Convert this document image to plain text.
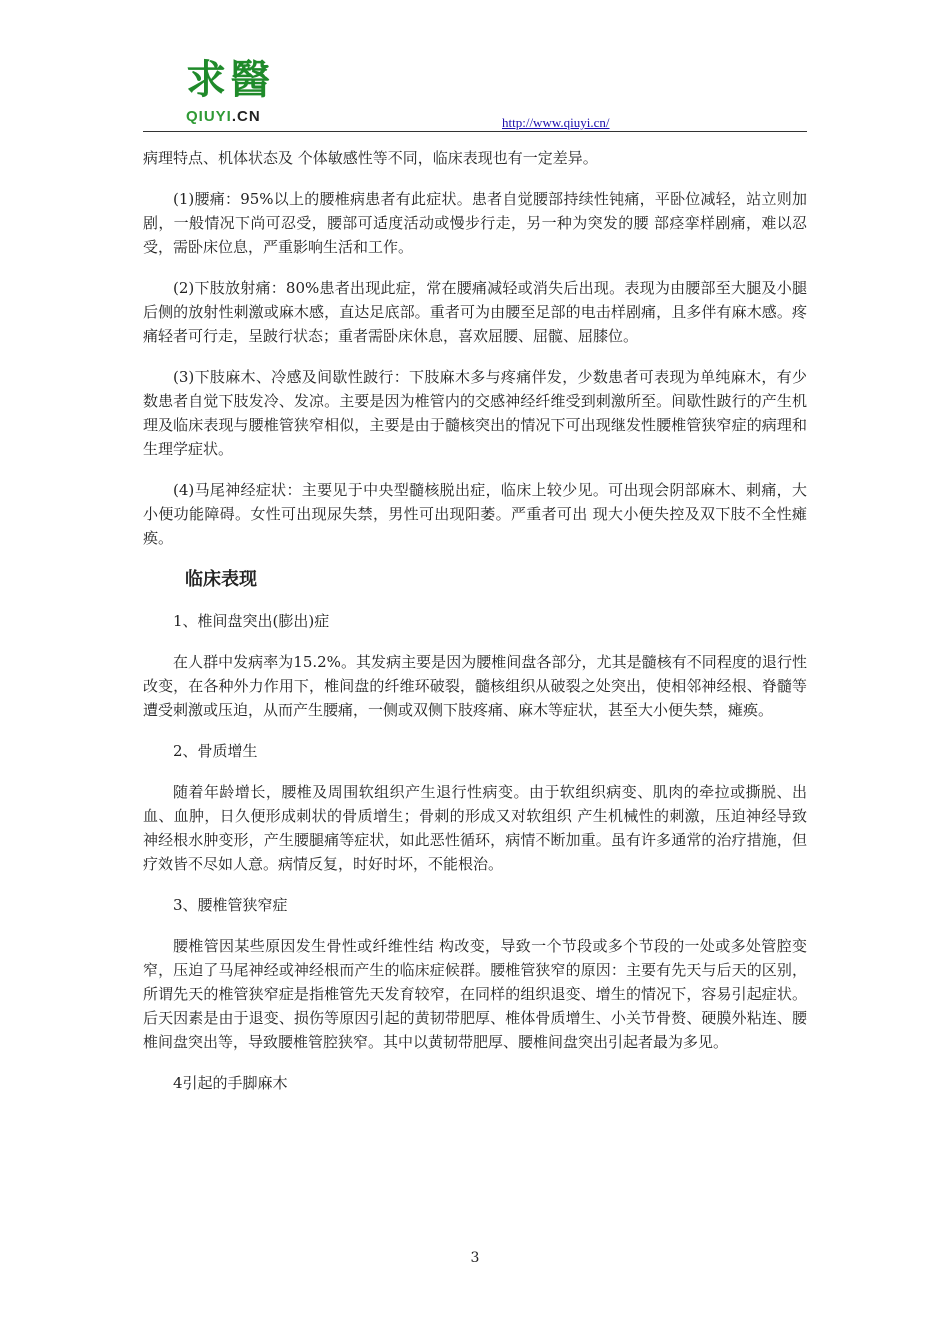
求醫
QIUYI.CN	http://www.qiuyi.cn/

病理特点、机体状态及 个体敏感性等不同，临床表现也有一定差异。

(1)腰痛：95%以上的腰椎病患者有此症状。患者自觉腰部持续性钝痛，平卧位减轻，站立则加剧，一般情况下尚可忍受，腰部可适度活动或慢步行走，另一种为突发的腰 部痉挛样剧痛，难以忍受，需卧床位息，严重影响生活和工作。

(2)下肢放射痛：80%患者出现此症，常在腰痛减轻或消失后出现。表现为由腰部至大腿及小腿后侧的放射性刺激或麻木感，直达足底部。重者可为由腰至足部的电击样剧痛，且多伴有麻木感。疼痛轻者可行走，呈跛行状态；重者需卧床休息，喜欢屈腰、屈髋、屈膝位。

(3)下肢麻木、冷感及间歇性跛行：下肢麻木多与疼痛伴发，少数患者可表现为单纯麻木，有少数患者自觉下肢发冷、发凉。主要是因为椎管内的交感神经纤维受到刺激所至。间歇性跛行的产生机理及临床表现与腰椎管狭窄相似，主要是由于髓核突出的情况下可出现继发性腰椎管狭窄症的病理和生理学症状。

(4)马尾神经症状：主要见于中央型髓核脱出症，临床上较少见。可出现会阴部麻木、刺痛，大小便功能障碍。女性可出现尿失禁，男性可出现阳萎。严重者可出 现大小便失控及双下肢不全性瘫痪。

临床表现

1、椎间盘突出(膨出)症

在人群中发病率为15.2%。其发病主要是因为腰椎间盘各部分，尤其是髓核有不同程度的退行性改变，在各种外力作用下，椎间盘的纤维环破裂，髓核组织从破裂之处突出，使相邻神经根、脊髓等遭受刺激或压迫，从而产生腰痛，一侧或双侧下肢疼痛、麻木等症状，甚至大小便失禁，瘫痪。

2、骨质增生

随着年龄增长，腰椎及周围软组织产生退行性病变。由于软组织病变、肌肉的牵拉或撕脱、出血、血肿，日久便形成刺状的骨质增生；骨刺的形成又对软组织 产生机械性的刺激，压迫神经导致神经根水肿变形，产生腰腿痛等症状，如此恶性循环，病情不断加重。虽有许多通常的治疗措施，但疗效皆不尽如人意。病情反复，时好时坏，不能根治。

3、腰椎管狭窄症

腰椎管因某些原因发生骨性或纤维性结 构改变，导致一个节段或多个节段的一处或多处管腔变窄，压迫了马尾神经或神经根而产生的临床症候群。腰椎管狭窄的原因：主要有先天与后天的区别，所谓先天的椎管狭窄症是指椎管先天发育较窄，在同样的组织退变、增生的情况下，容易引起症状。后天因素是由于退变、损伤等原因引起的黄韧带肥厚、椎体骨质增生、小关节骨赘、硬膜外粘连、腰椎间盘突出等，导致腰椎管腔狭窄。其中以黄韧带肥厚、腰椎间盘突出引起者最为多见。

4引起的手脚麻木

3
